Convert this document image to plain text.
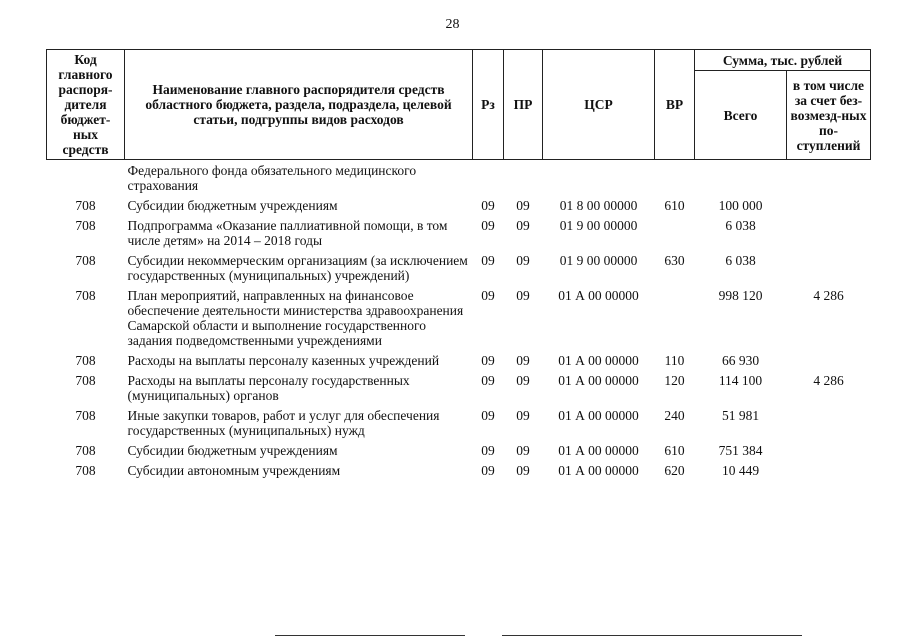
28
Код главного распоря-дителя бюджет-ных средств	Наименование главного распорядителя средств областного бюджета, раздела, подраздела, целевой статьи, подгруппы видов расходов	Рз	ПР	ЦСР	ВР	Сумма, тыс. рублей	
						Всего	в том числе за счет без-возмезд-ных по-ступлений
	Федерального фонда обязательного медицинского страхования						
708	Субсидии бюджетным учреждениям	09	09	01 8 00 00000	610	100 000	
708	Подпрограмма «Оказание паллиативной помощи, в том числе детям» на 2014 – 2018 годы	09	09	01 9 00 00000		6 038	
708	Субсидии некоммерческим организациям (за исключением государственных (муниципальных) учреждений)	09	09	01 9 00 00000	630	6 038	
708	План мероприятий, направленных на финансовое обеспечение деятельности министерства здравоохранения Самарской области и выполнение государственного задания подведомственными учреждениями	09	09	01 А 00 00000		998 120	4 286
708	Расходы на выплаты персоналу казенных учреждений	09	09	01 А 00 00000	110	66 930	
708	Расходы на выплаты персоналу государственных (муниципальных) органов	09	09	01 А 00 00000	120	114 100	4 286
708	Иные закупки товаров, работ и услуг для обеспечения государственных (муниципальных) нужд	09	09	01 А 00 00000	240	51 981	
708	Субсидии бюджетным учреждениям	09	09	01 А 00 00000	610	751 384	
708	Субсидии автономным учреждениям	09	09	01 А 00 00000	620	10 449	
